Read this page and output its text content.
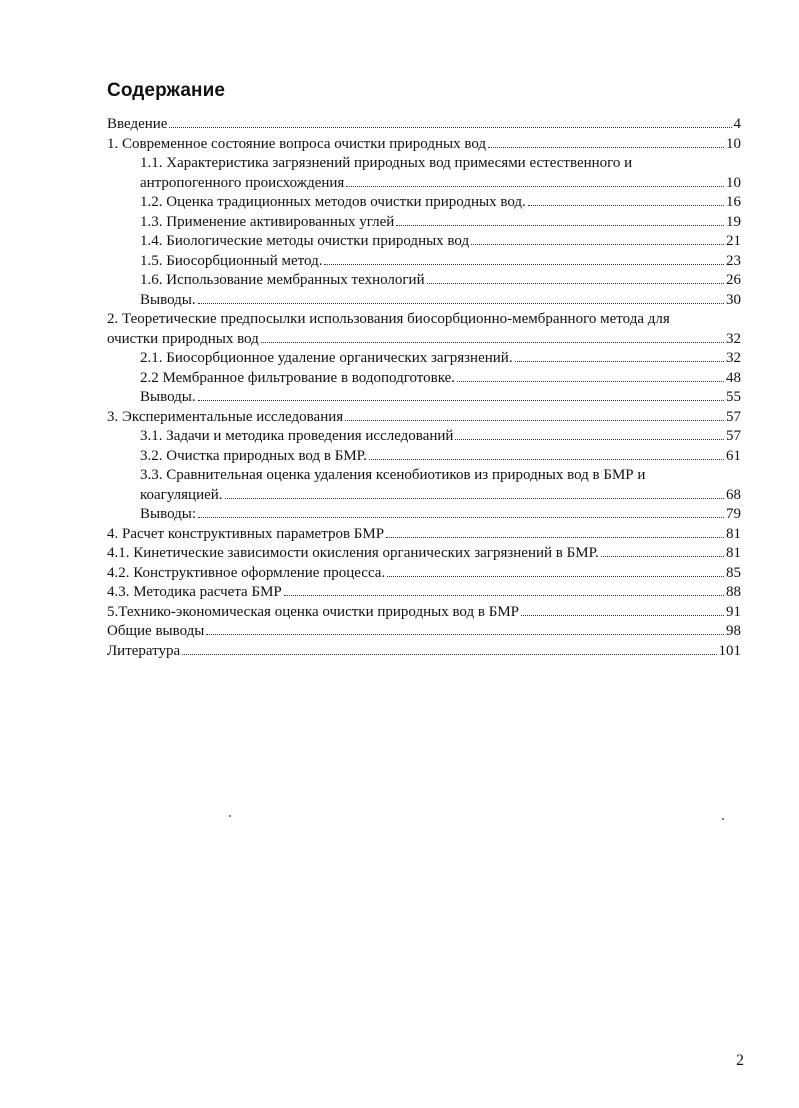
Содержание
Введение	4
1. Современное состояние вопроса очистки природных вод	10
1.1. Характеристика загрязнений природных вод примесями естественного и
антропогенного происхождения	10
1.2. Оценка традиционных методов очистки природных вод.	16
1.3. Применение активированных углей	19
1.4. Биологические методы очистки природных вод	21
1.5. Биосорбционный метод.	23
1.6. Использование мембранных технологий	26
Выводы.	30
2. Теоретические предпосылки использования биосорбционно-мембранного метода для
очистки природных вод	32
2.1. Биосорбционное удаление органических загрязнений.	32
2.2 Мембранное фильтрование в водоподготовке.	48
Выводы.	55
3. Экспериментальные исследования	57
3.1. Задачи и методика проведения исследований	57
3.2. Очистка природных вод в БМР.	61
3.3. Сравнительная оценка удаления ксенобиотиков из природных вод в БМР и
коагуляцией.	68
Выводы:	79
4. Расчет конструктивных параметров БМР	81
4.1. Кинетические зависимости окисления органических загрязнений в БМР.	81
4.2. Конструктивное оформление процесса.	85
4.3. Методика расчета БМР	88
5.Технико-экономическая оценка очистки природных вод в БМР	91
Общие выводы	98
Литература	101
2
